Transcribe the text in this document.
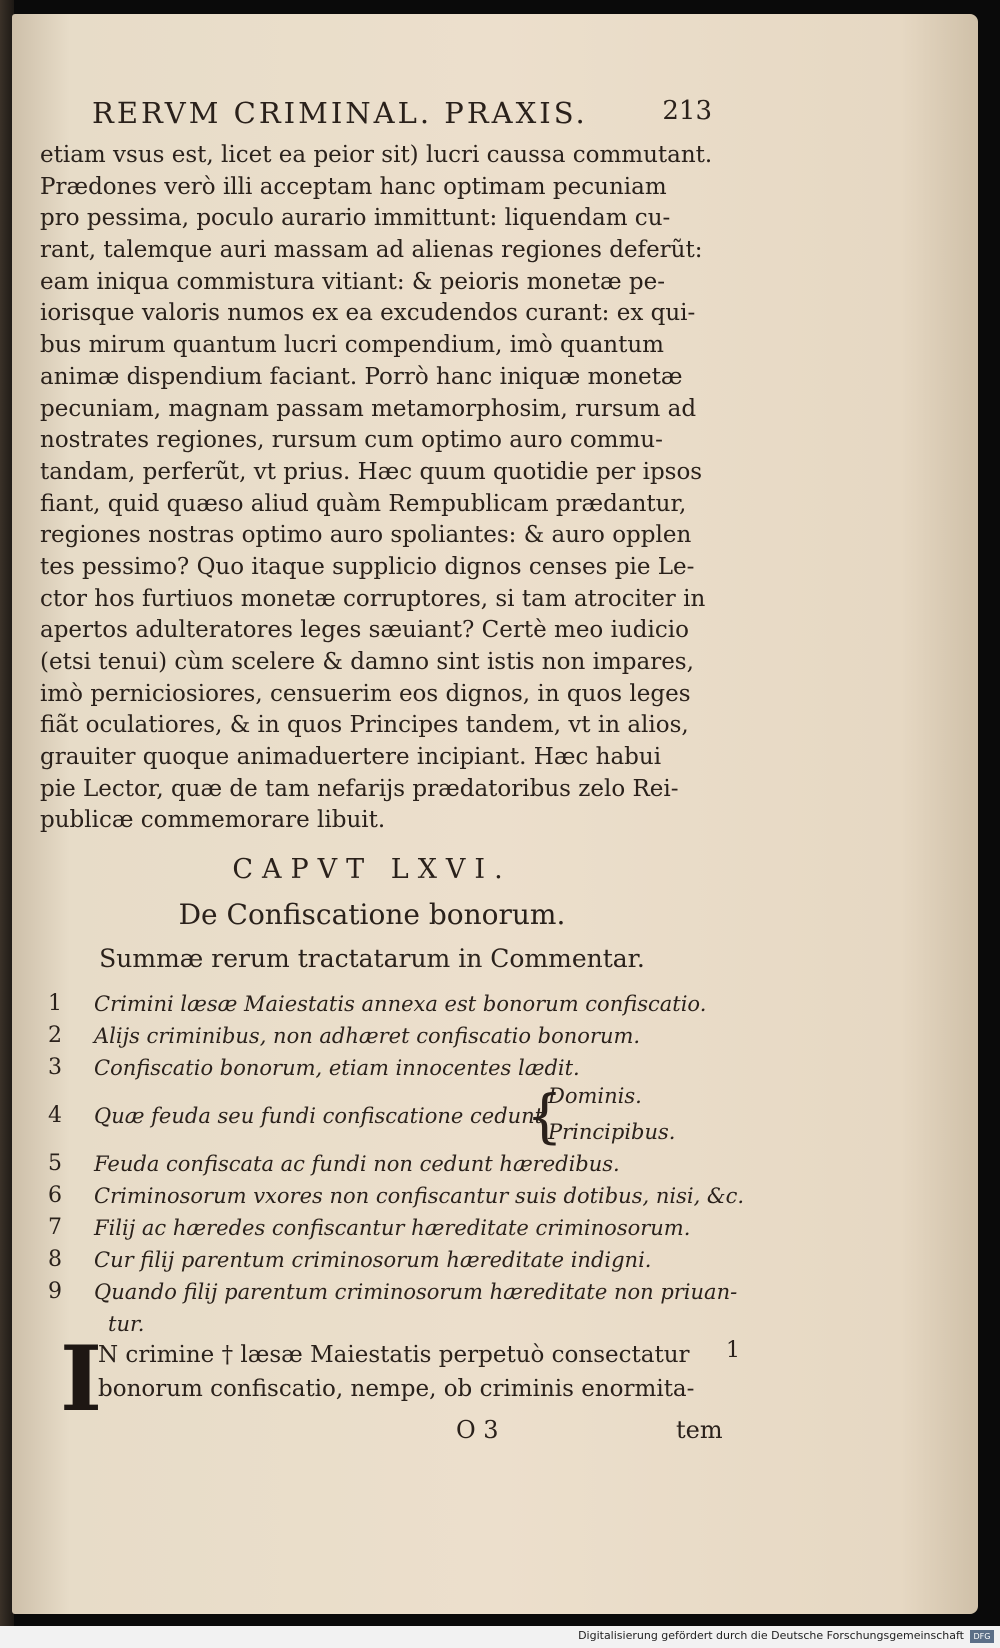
RERVM CRIMINAL. PRAXIS.	213
etiam vsus est, licet ea peior sit) lucri caussa commutant.
Prædones verò illi acceptam hanc optimam pecuniam
pro pessima, poculo aurario immittunt: liquendam cu-
rant, talemque auri massam ad alienas regiones deferũt:
eam iniqua commistura vitiant: & peioris monetæ pe-
iorisque valoris numos ex ea excudendos curant: ex qui-
bus mirum quantum lucri compendium, imò quantum
animæ dispendium faciant. Porrò hanc iniquæ monetæ
pecuniam, magnam passam metamorphosim, rursum ad
nostrates regiones, rursum cum optimo auro commu-
tandam, perferũt, vt prius. Hæc quum quotidie per ipsos
fiant, quid quæso aliud quàm Rempublicam prædantur,
regiones nostras optimo auro spoliantes: & auro opplen
tes pessimo? Quo itaque supplicio dignos censes pie Le-
ctor hos furtiuos monetæ corruptores, si tam atrociter in
apertos adulteratores leges sæuiant? Certè meo iudicio
(etsi tenui) cùm scelere & damno sint istis non impares,
imò perniciosiores, censuerim eos dignos, in quos leges
fiãt oculatiores, & in quos Principes tandem, vt in alios,
grauiter quoque animaduertere incipiant. Hæc habui
pie Lector, quæ de tam nefarijs prædatoribus zelo Rei-
publicæ commemorare libuit.
CAPVT LXVI.
De Confiscatione bonorum.
Summæ rerum tractatarum in Commentar.
1	Crimini læsæ Maiestatis annexa est bonorum confiscatio.
2	Alijs criminibus, non adhæret confiscatio bonorum.
3	Confiscatio bonorum, etiam innocentes lædit.
4	Quæ feuda seu fundi confiscatione cedunt
{
Dominis.
Principibus.
5	Feuda confiscata ac fundi non cedunt hæredibus.
6	Criminosorum vxores non confiscantur suis dotibus, nisi, &c.
7	Filij ac hæredes confiscantur hæreditate criminosorum.
8	Cur filij parentum criminosorum hæreditate indigni.
9	Quando filij parentum criminosorum hæreditate non priuan-
tur.
I
N crimine † læsæ Maiestatis perpetuò consectatur
bonorum confiscatio, nempe, ob criminis enormita-
1
O 3	tem
Digitalisierung gefördert durch die Deutsche Forschungsgemeinschaft	DFG
